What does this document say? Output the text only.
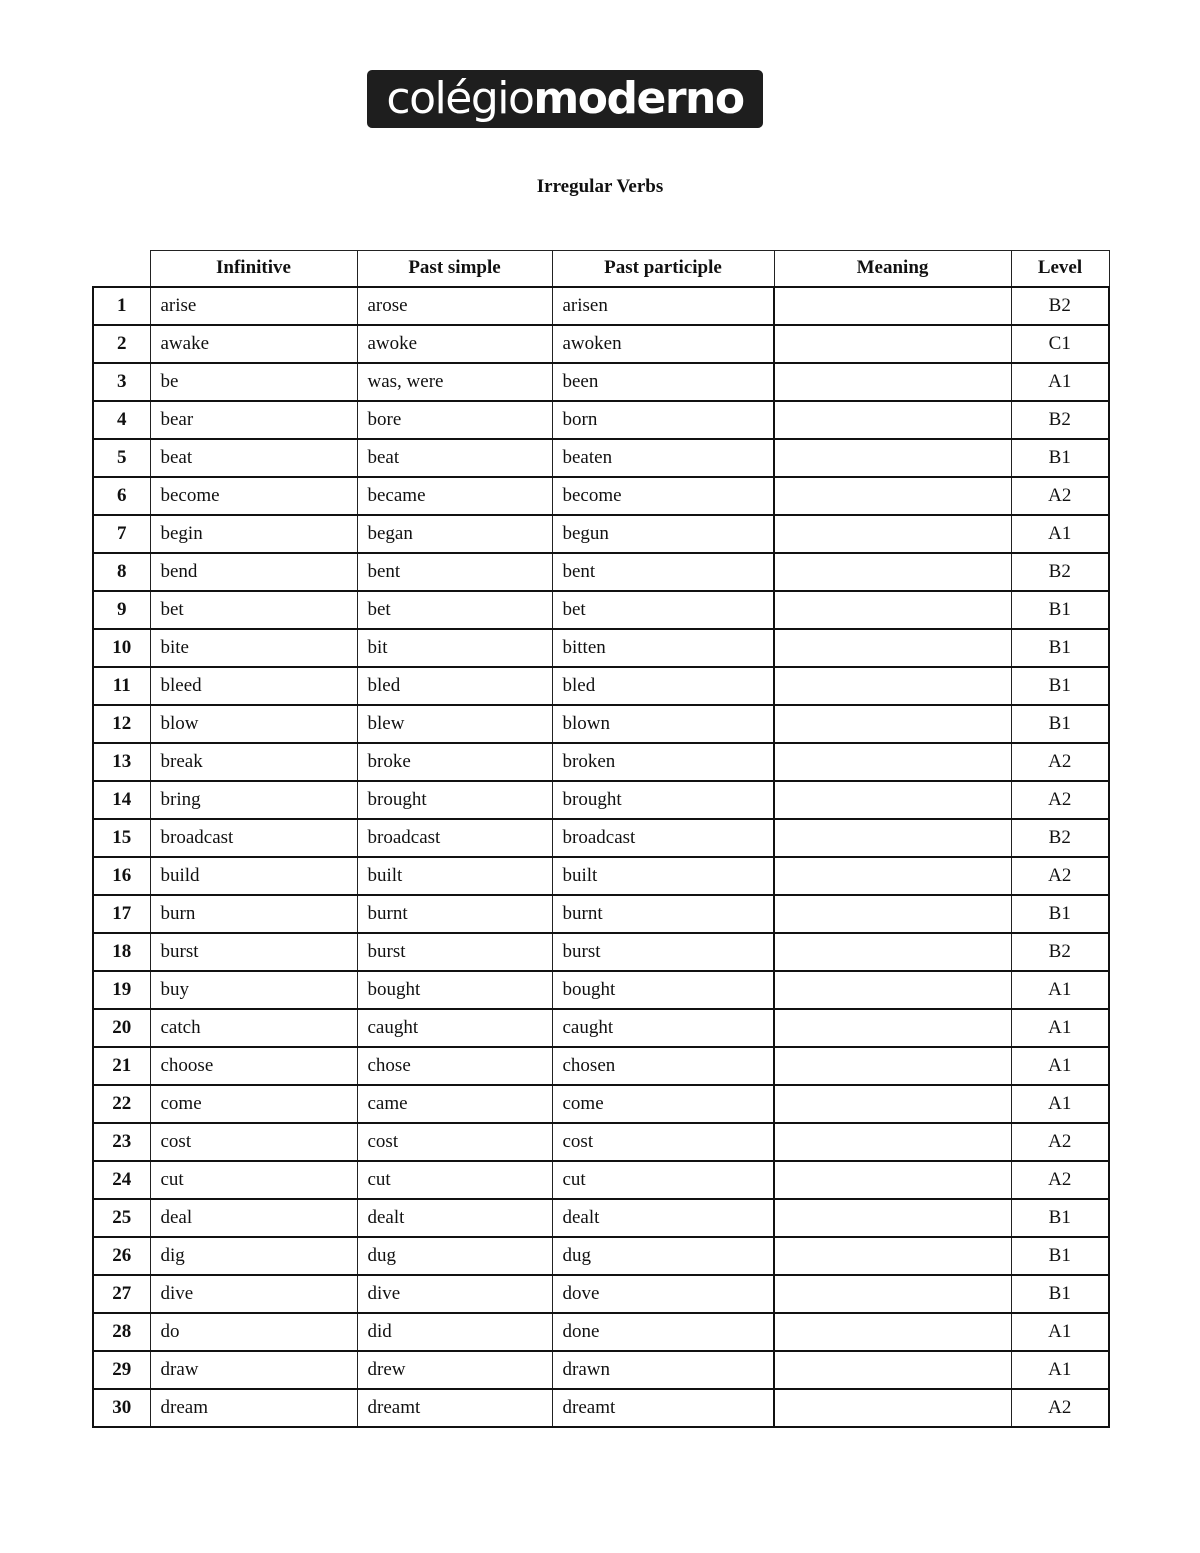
colégiomoderno
Irregular Verbs
	Infinitive	Past simple	Past participle	Meaning	Level
1	arise	arose	arisen		B2
2	awake	awoke	awoken		C1
3	be	was, were	been		A1
4	bear	bore	born		B2
5	beat	beat	beaten		B1
6	become	became	become		A2
7	begin	began	begun		A1
8	bend	bent	bent		B2
9	bet	bet	bet		B1
10	bite	bit	bitten		B1
11	bleed	bled	bled		B1
12	blow	blew	blown		B1
13	break	broke	broken		A2
14	bring	brought	brought		A2
15	broadcast	broadcast	broadcast		B2
16	build	built	built		A2
17	burn	burnt	burnt		B1
18	burst	burst	burst		B2
19	buy	bought	bought		A1
20	catch	caught	caught		A1
21	choose	chose	chosen		A1
22	come	came	come		A1
23	cost	cost	cost		A2
24	cut	cut	cut		A2
25	deal	dealt	dealt		B1
26	dig	dug	dug		B1
27	dive	dive	dove		B1
28	do	did	done		A1
29	draw	drew	drawn		A1
30	dream	dreamt	dreamt		A2
